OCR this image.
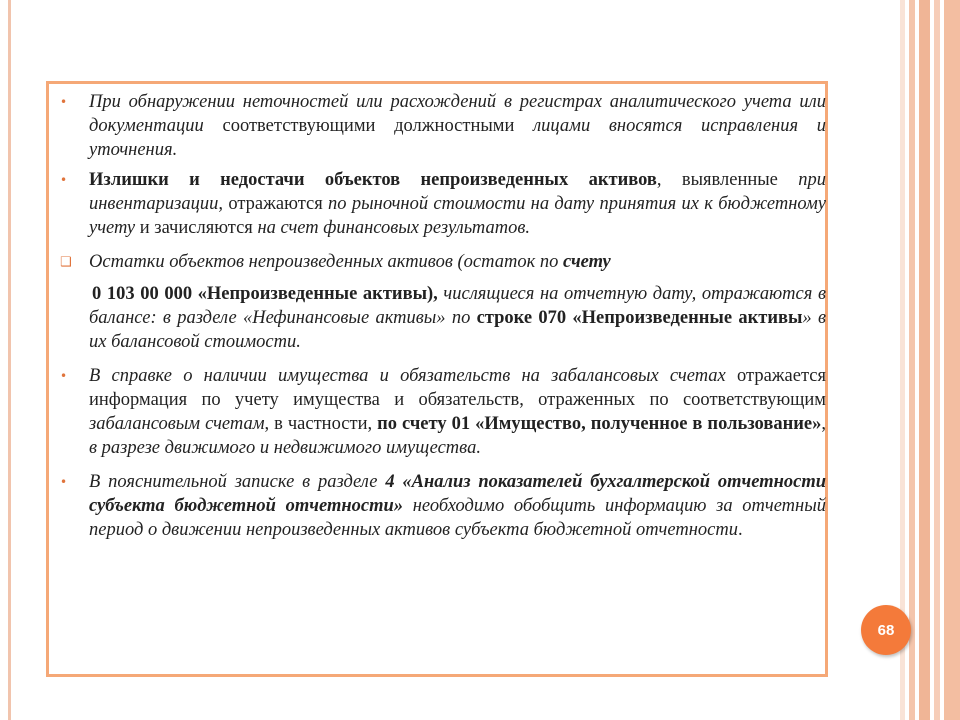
• При обнаружении неточностей или расхождений в регистрах аналитического учета или документации соответствующими должностными лицами вносятся исправления и уточнения.

• Излишки и недостачи объектов непроизведенных активов, выявленные при инвентаризации, отражаются по рыночной стоимости на дату принятия их к бюджетному учету и зачисляются на счет финансовых результатов.

❑ Остатки объектов непроизведенных активов (остаток по счету

0 103 00 000 «Непроизведенные активы), числящиеся на отчетную дату, отражаются в балансе: в разделе «Нефинансовые активы» по строке 070 «Непроизведенные активы» в их балансовой стоимости.

• В справке о наличии имущества и обязательств на забалансовых счетах отражается информация по учету имущества и обязательств, отраженных по соответствующим забалансовым счетам, в частности, по счету 01 «Имущество, полученное в пользование», в разрезе движимого и недвижимого имущества.

• В пояснительной записке в разделе 4 «Анализ показателей бухгалтерской отчетности субъекта бюджетной отчетности» необходимо обобщить информацию за отчетный период о движении непроизведенных активов субъекта бюджетной отчетности.

68
